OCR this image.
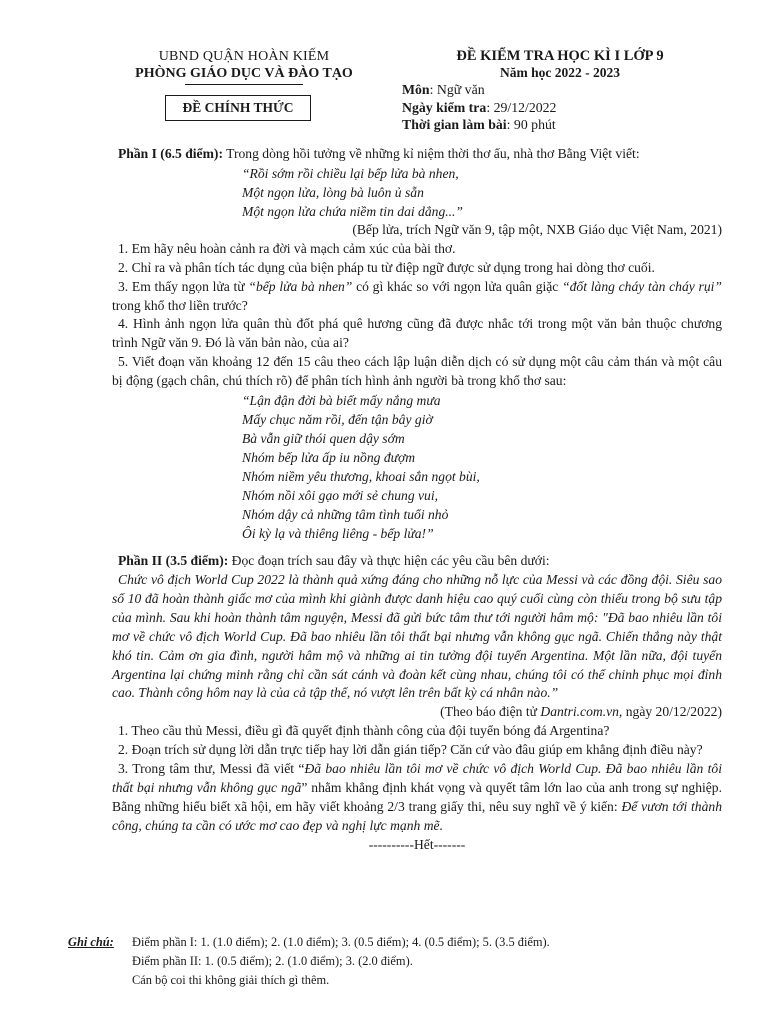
UBND QUẬN HOÀN KIẾM
PHÒNG GIÁO DỤC VÀ ĐÀO TẠO
ĐỀ CHÍNH THỨC
ĐỀ KIỂM TRA HỌC KÌ I LỚP 9
Năm học 2022 - 2023
Môn: Ngữ văn
Ngày kiểm tra: 29/12/2022
Thời gian làm bài: 90 phút

Phần I (6.5 điểm): Trong dòng hồi tưởng về những kỉ niệm thời thơ ấu, nhà thơ Bằng Việt viết:

“Rồi sớm rồi chiều lại bếp lửa bà nhen,
Một ngọn lửa, lòng bà luôn ủ sẵn
Một ngọn lửa chứa niềm tin dai dẳng...”

(Bếp lửa, trích Ngữ văn 9, tập một, NXB Giáo dục Việt Nam, 2021)

1. Em hãy nêu hoàn cảnh ra đời và mạch cảm xúc của bài thơ.

2. Chỉ ra và phân tích tác dụng của biện pháp tu từ điệp ngữ được sử dụng trong hai dòng thơ cuối.

3. Em thấy ngọn lửa từ “bếp lửa bà nhen” có gì khác so với ngọn lửa quân giặc “đốt làng cháy tàn cháy rụi” trong khổ thơ liền trước?

4. Hình ảnh ngọn lửa quân thù đốt phá quê hương cũng đã được nhắc tới trong một văn bản thuộc chương trình Ngữ văn 9. Đó là văn bản nào, của ai?

5. Viết đoạn văn khoảng 12 đến 15 câu theo cách lập luận diễn dịch có sử dụng một câu cảm thán và một câu bị động (gạch chân, chú thích rõ) để phân tích hình ảnh người bà trong khổ thơ sau:

“Lận đận đời bà biết mấy nắng mưa
Mấy chục năm rồi, đến tận bây giờ
Bà vẫn giữ thói quen dậy sớm
Nhóm bếp lửa ấp iu nồng đượm
Nhóm niềm yêu thương, khoai sắn ngọt bùi,
Nhóm nồi xôi gạo mới sẻ chung vui,
Nhóm dậy cả những tâm tình tuổi nhỏ
Ôi kỳ lạ và thiêng liêng - bếp lửa!”

Phần II (3.5 điểm): Đọc đoạn trích sau đây và thực hiện các yêu cầu bên dưới:

Chức vô địch World Cup 2022 là thành quả xứng đáng cho những nỗ lực của Messi và các đồng đội. Siêu sao số 10 đã hoàn thành giấc mơ của mình khi giành được danh hiệu cao quý cuối cùng còn thiếu trong bộ sưu tập của mình. Sau khi hoàn thành tâm nguyện, Messi đã gửi bức tâm thư tới người hâm mộ: "Đã bao nhiêu lần tôi mơ về chức vô địch World Cup. Đã bao nhiêu lần tôi thất bại nhưng vẫn không gục ngã. Chiến thắng này thật khó tin. Cảm ơn gia đình, người hâm mộ và những ai tin tưởng đội tuyển Argentina. Một lần nữa, đội tuyển Argentina lại chứng minh rằng chỉ cần sát cánh và đoàn kết cùng nhau, chúng tôi có thể chinh phục mọi đỉnh cao. Thành công hôm nay là của cả tập thể, nó vượt lên trên bất kỳ cá nhân nào.”

(Theo báo điện tử Dantri.com.vn, ngày 20/12/2022)

1. Theo cầu thủ Messi, điều gì đã quyết định thành công của đội tuyển bóng đá Argentina?

2. Đoạn trích sử dụng lời dẫn trực tiếp hay lời dẫn gián tiếp? Căn cứ vào đâu giúp em khẳng định điều này?

3. Trong tâm thư, Messi đã viết “Đã bao nhiêu lần tôi mơ về chức vô địch World Cup. Đã bao nhiêu lần tôi thất bại nhưng vẫn không gục ngã” nhằm khẳng định khát vọng và quyết tâm lớn lao của anh trong sự nghiệp. Bằng những hiểu biết xã hội, em hãy viết khoảng 2/3 trang giấy thi, nêu suy nghĩ về ý kiến: Để vươn tới thành công, chúng ta cần có ước mơ cao đẹp và nghị lực mạnh mẽ.

----------Hết-------

Ghi chú: Điểm phần I: 1. (1.0 điểm); 2. (1.0 điểm); 3. (0.5 điểm); 4. (0.5 điểm); 5. (3.5 điểm).
Điểm phần II: 1. (0.5 điểm); 2. (1.0 điểm); 3. (2.0 điểm).
Cán bộ coi thi không giải thích gì thêm.
